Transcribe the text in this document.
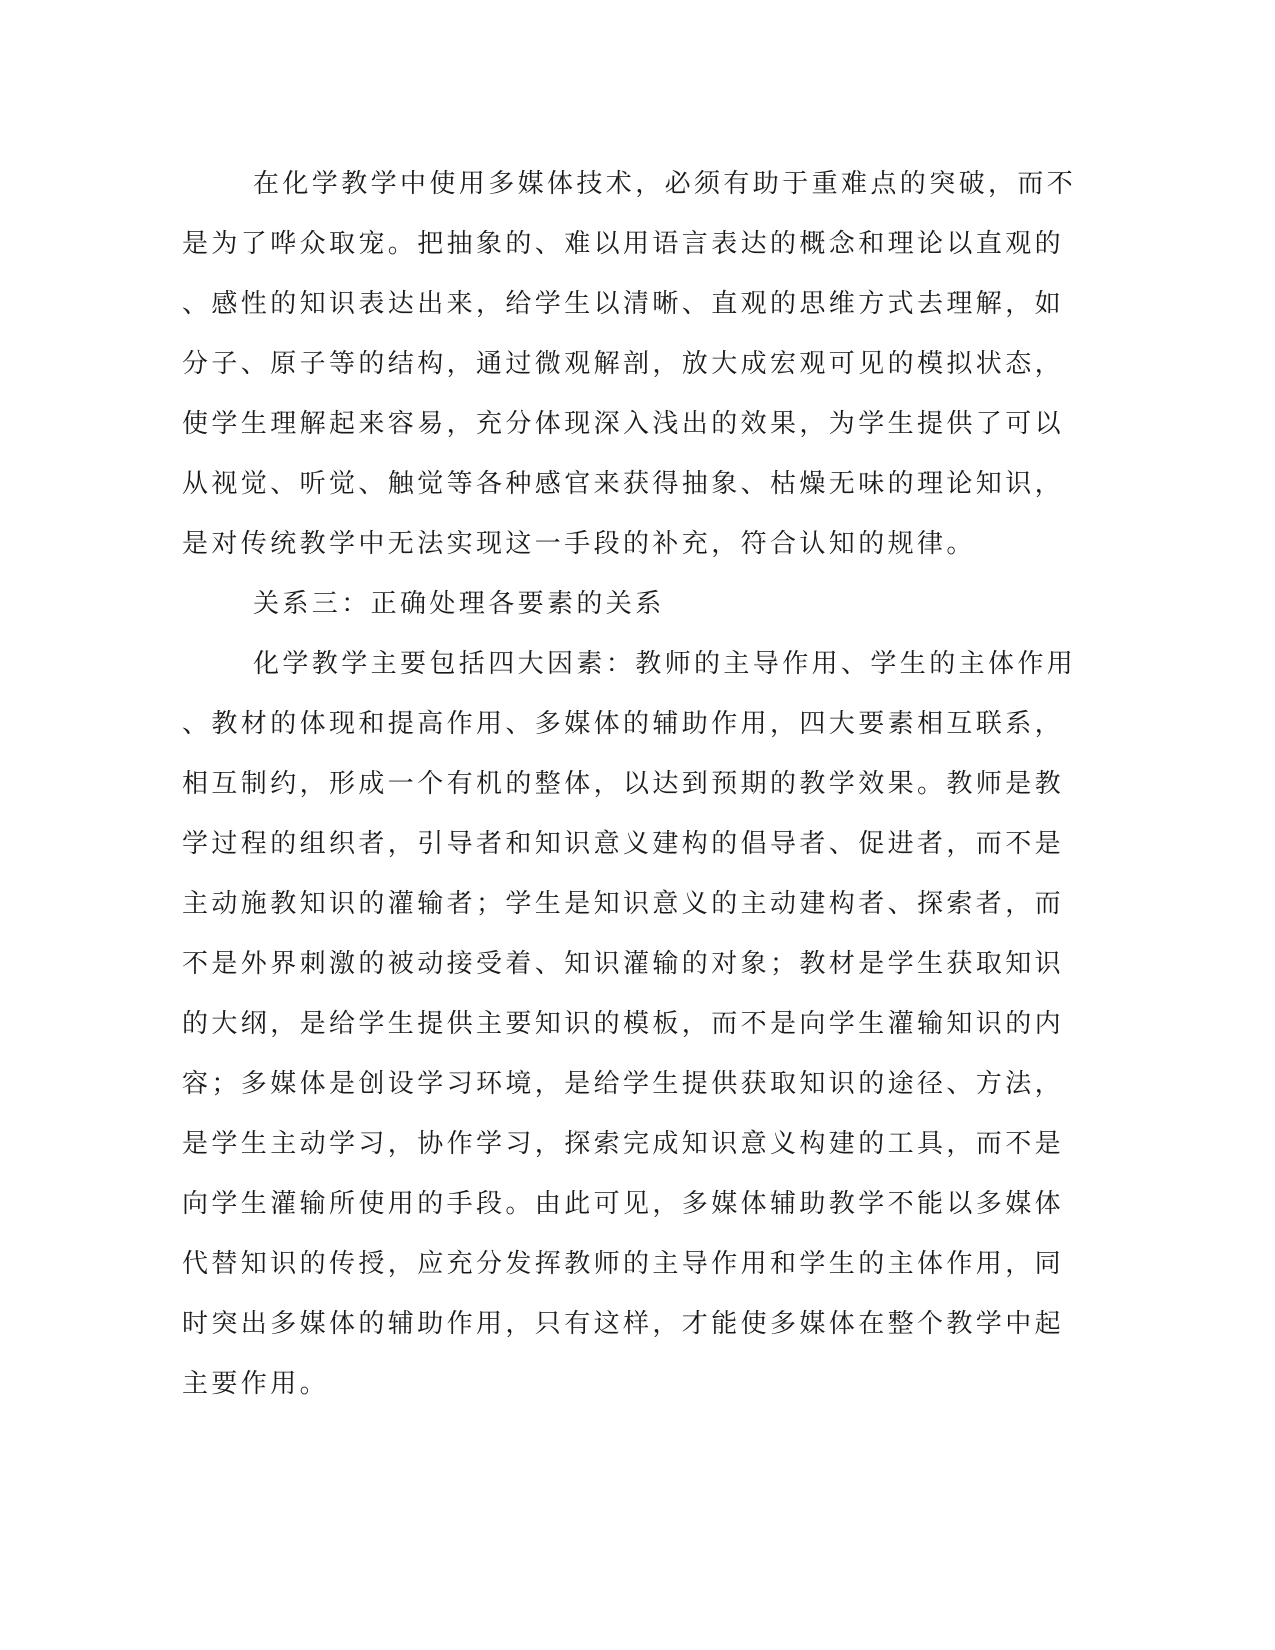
在化学教学中使用多媒体技术，必须有助于重难点的突破，而不
是为了哗众取宠。把抽象的、难以用语言表达的概念和理论以直观的
、感性的知识表达出来，给学生以清晰、直观的思维方式去理解，如
分子、原子等的结构，通过微观解剖，放大成宏观可见的模拟状态，
使学生理解起来容易，充分体现深入浅出的效果，为学生提供了可以
从视觉、听觉、触觉等各种感官来获得抽象、枯燥无味的理论知识，
是对传统教学中无法实现这一手段的补充，符合认知的规律。
关系三：正确处理各要素的关系
化学教学主要包括四大因素：教师的主导作用、学生的主体作用
、教材的体现和提高作用、多媒体的辅助作用，四大要素相互联系，
相互制约，形成一个有机的整体，以达到预期的教学效果。教师是教
学过程的组织者，引导者和知识意义建构的倡导者、促进者，而不是
主动施教知识的灌输者；学生是知识意义的主动建构者、探索者，而
不是外界刺激的被动接受着、知识灌输的对象；教材是学生获取知识
的大纲，是给学生提供主要知识的模板，而不是向学生灌输知识的内
容；多媒体是创设学习环境，是给学生提供获取知识的途径、方法，
是学生主动学习，协作学习，探索完成知识意义构建的工具，而不是
向学生灌输所使用的手段。由此可见，多媒体辅助教学不能以多媒体
代替知识的传授，应充分发挥教师的主导作用和学生的主体作用，同
时突出多媒体的辅助作用，只有这样，才能使多媒体在整个教学中起
主要作用。
